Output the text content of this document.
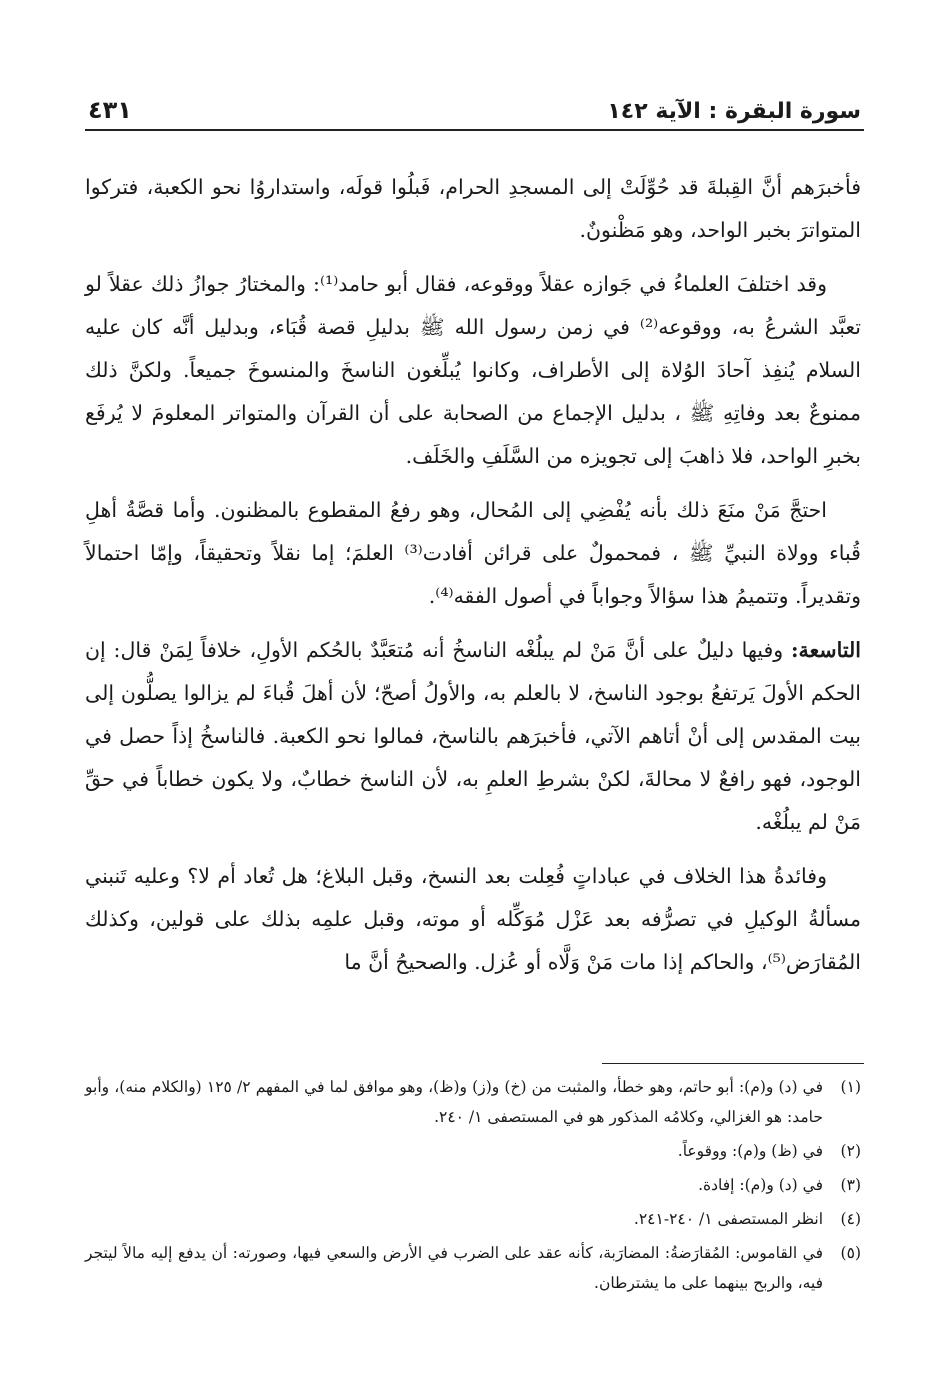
سورة البقرة : الآية ١٤٢
٤٣١

فأخبرَهم أنَّ القِبلةَ قد حُوِّلَتْ إلى المسجدِ الحرام، فَبلُوا قولَه، واستداروُا نحو الكعبة، فتركوا المتواترَ بخبر الواحد، وهو مَظْنونٌ.

وقد اختلفَ العلماءُ في جَوازه عقلاً ووقوعه، فقال أبو حامد⁽¹⁾: والمختارُ جوازُ ذلك عقلاً لو تعبَّد الشرعُ به، ووقوعه⁽²⁾ في زمن رسول الله ﷺ بدليلِ قصة قُبَاء، وبدليل أنَّه كان عليه السلام يُنفِذ آحادَ الوُلاة إلى الأطراف، وكانوا يُبلِّغون الناسخَ والمنسوخَ جميعاً. ولكنَّ ذلك ممنوعٌ بعد وفاتِهِ ﷺ ، بدليل الإجماع من الصحابة على أن القرآن والمتواتر المعلومَ لا يُرفَع بخبرِ الواحد، فلا ذاهبَ إلى تجويزه من السَّلَفِ والخَلَف.

احتجَّ مَنْ منَعَ ذلك بأنه يُفْضِي إلى المُحال، وهو رفعُ المقطوع بالمظنون. وأما قصَّةُ أهلِ قُباء وولاة النبيِّ ﷺ ، فمحمولٌ على قرائن أفادت⁽³⁾ العلمَ؛ إما نقلاً وتحقيقاً، وإمّا احتمالاً وتقديراً. وتتميمُ هذا سؤالاً وجواباً في أصول الفقه⁽⁴⁾.

التاسعة: وفيها دليلٌ على أنَّ مَنْ لم يبلُغْه الناسخُ أنه مُتعَبَّدٌ بالحُكم الأولِ، خلافاً لِمَنْ قال: إن الحكم الأولَ يَرتفعُ بوجود الناسخ، لا بالعلم به، والأولُ أصحّ؛ لأن أهلَ قُباءَ لم يزالوا يصلُّون إلى بيت المقدس إلى أنْ أتاهم الآتي، فأخبرَهم بالناسخ، فمالوا نحو الكعبة. فالناسخُ إذاً حصل في الوجود، فهو رافعٌ لا محالةَ، لكنْ بشرطِ العلمِ به، لأن الناسخ خطابٌ، ولا يكون خطاباً في حقِّ مَنْ لم يبلُغْه.

وفائدةُ هذا الخلاف في عباداتٍ فُعِلت بعد النسخ، وقبل البلاغ؛ هل تُعاد أم لا؟ وعليه تَنبني مسألةُ الوكيلِ في تصرُّفه بعد عَزْل مُوَكِّله أو موته، وقبل علمِه بذلك على قولين، وكذلك المُقارَض⁽⁵⁾، والحاكم إذا مات مَنْ وَلَّاه أو عُزل. والصحيحُ أنَّ ما

(١)
في (د) و(م): أبو حاتم، وهو خطأ، والمثبت من (خ) و(ز) و(ظ)، وهو موافق لما في المفهم ٢/ ١٢٥ (والكلام منه)، وأبو حامد: هو الغزالي، وكلامُه المذكور هو في المستصفى ١/ ٢٤٠.
(٢)
في (ظ) و(م): ووقوعاً.
(٣)
في (د) و(م): إفادة.
(٤)
انظر المستصفى ١/ ٢٤٠-٢٤١.
(٥)
في القاموس: المُقارَضةُ: المضارَبة، كأنه عقد على الضرب في الأرض والسعي فيها، وصورته: أن يدفع إليه مالاً ليتجر فيه، والربح بينهما على ما يشترطان.
